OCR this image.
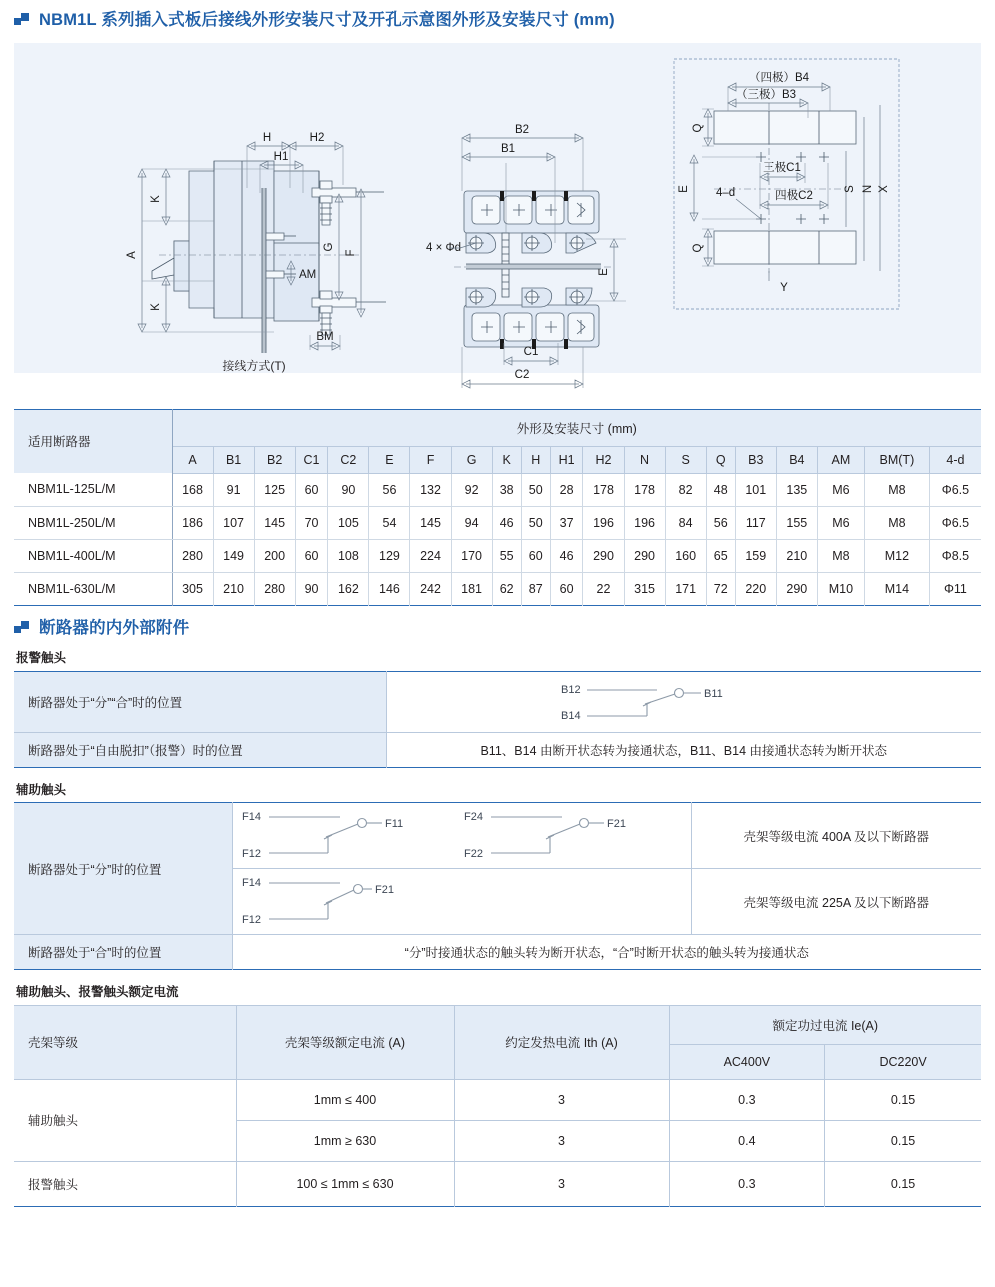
NBM1L 系列插入式板后接线外形安装尺寸及开孔示意图外形及安装尺寸 (mm)
A
K
K
H	H2
H1
G
F
AM
BM
接线方式(T)
B2
B1
4 × Φd
E
C1
C2
（四极）B4
（三极）B3
三极C1
四极C2
4–d
Q
Q
E	S N X
Y
适用断路器	外形及安装尺寸 (mm)																			
	A	B1	B2	C1	C2	E	F	G	K	H	H1	H2	N	S	Q	B3	B4	AM	BM(T)	4-d
NBM1L-125L/M	168	91	125	60	90	56	132	92	38	50	28	178	178	82	48	101	135	M6	M8	Φ6.5
NBM1L-250L/M	186	107	145	70	105	54	145	94	46	50	37	196	196	84	56	117	155	M6	M8	Φ6.5
NBM1L-400L/M	280	149	200	60	108	129	224	170	55	60	46	290	290	160	65	159	210	M8	M12	Φ8.5
NBM1L-630L/M	305	210	280	90	162	146	242	181	62	87	60	22	315	171	72	220	290	M10	M14	Φ11
断路器的内外部附件
报警触头
断路器处于“分”“合”时的位置	B12
B14
B11

断路器处于“自由脱扣”（报警）时的位置	B11、B14 由断开状态转为接通状态，B11、B14 由接通状态转为断开状态
辅助触头
断路器处于“分”时的位置	
F14
F12
F11
F24
F22
F21
	壳架等级电流 400A 及以下断路器

F14
F12
F21	壳架等级电流 225A 及以下断路器
断路器处于“合”时的位置	“分”时接通状态的触头转为断开状态，“合”时断开状态的触头转为接通状态	
辅助触头、报警触头额定电流
壳架等级	壳架等级额定电流 (A)	约定发热电流 Ith (A)	额定功过电流 Ie(A)	
			AC400V	DC220V
辅助触头	1mm ≤ 400	3	0.3	0.15
	1mm ≥ 630	3	0.4	0.15
报警触头	100 ≤ 1mm ≤ 630	3	0.3	0.15
